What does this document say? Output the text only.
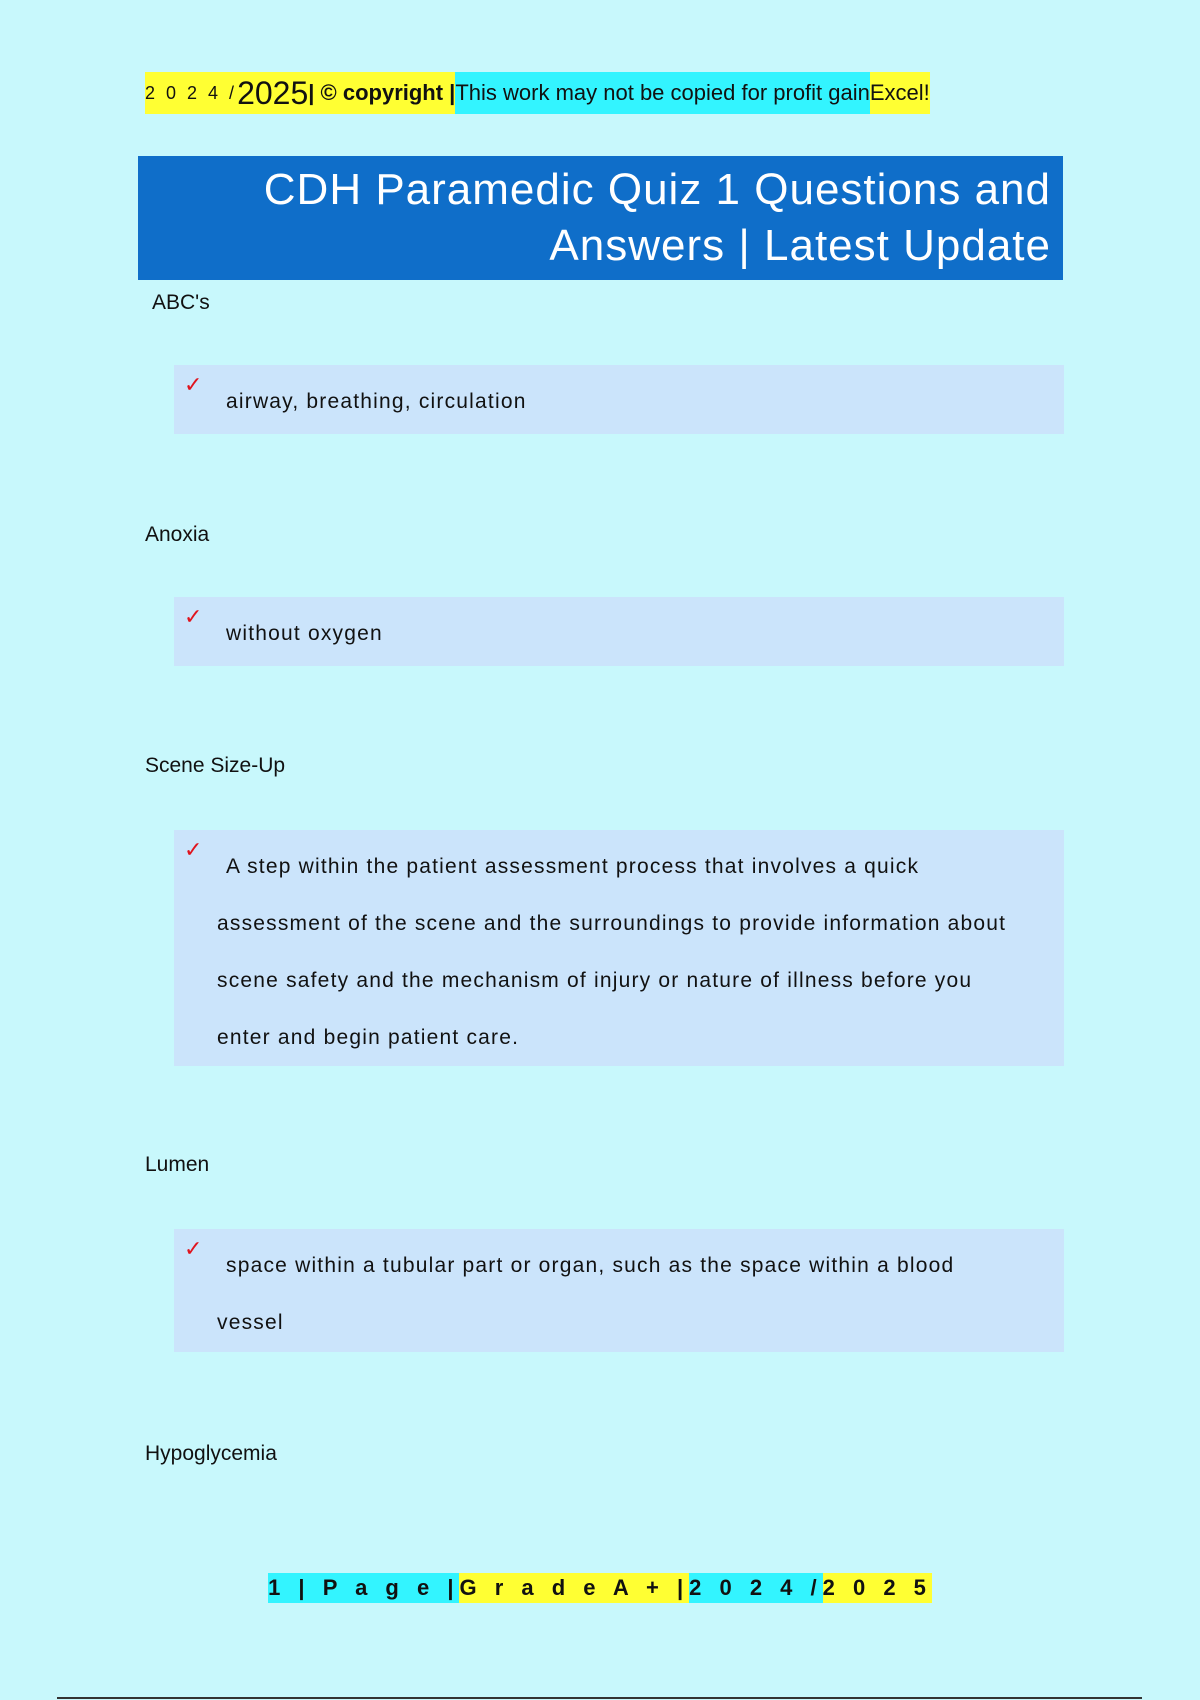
2 0 2 4 / 2025 | © copyright | This work may not be copied for profit gain Excel!
CDH Paramedic Quiz 1 Questions and Answers | Latest Update
ABC's
✓
airway, breathing, circulation
Anoxia
✓
without oxygen
Scene Size-Up
✓
A step within the patient assessment process that involves a quick assessment of the scene and the surroundings to provide information about scene safety and the mechanism of injury or nature of illness before you enter and begin patient care.
Lumen
✓
space within a tubular part or organ, such as the space within a blood vessel
Hypoglycemia
1 | P a g e | G r a d e A + | 2 0 2 4 / 2 0 2 5
